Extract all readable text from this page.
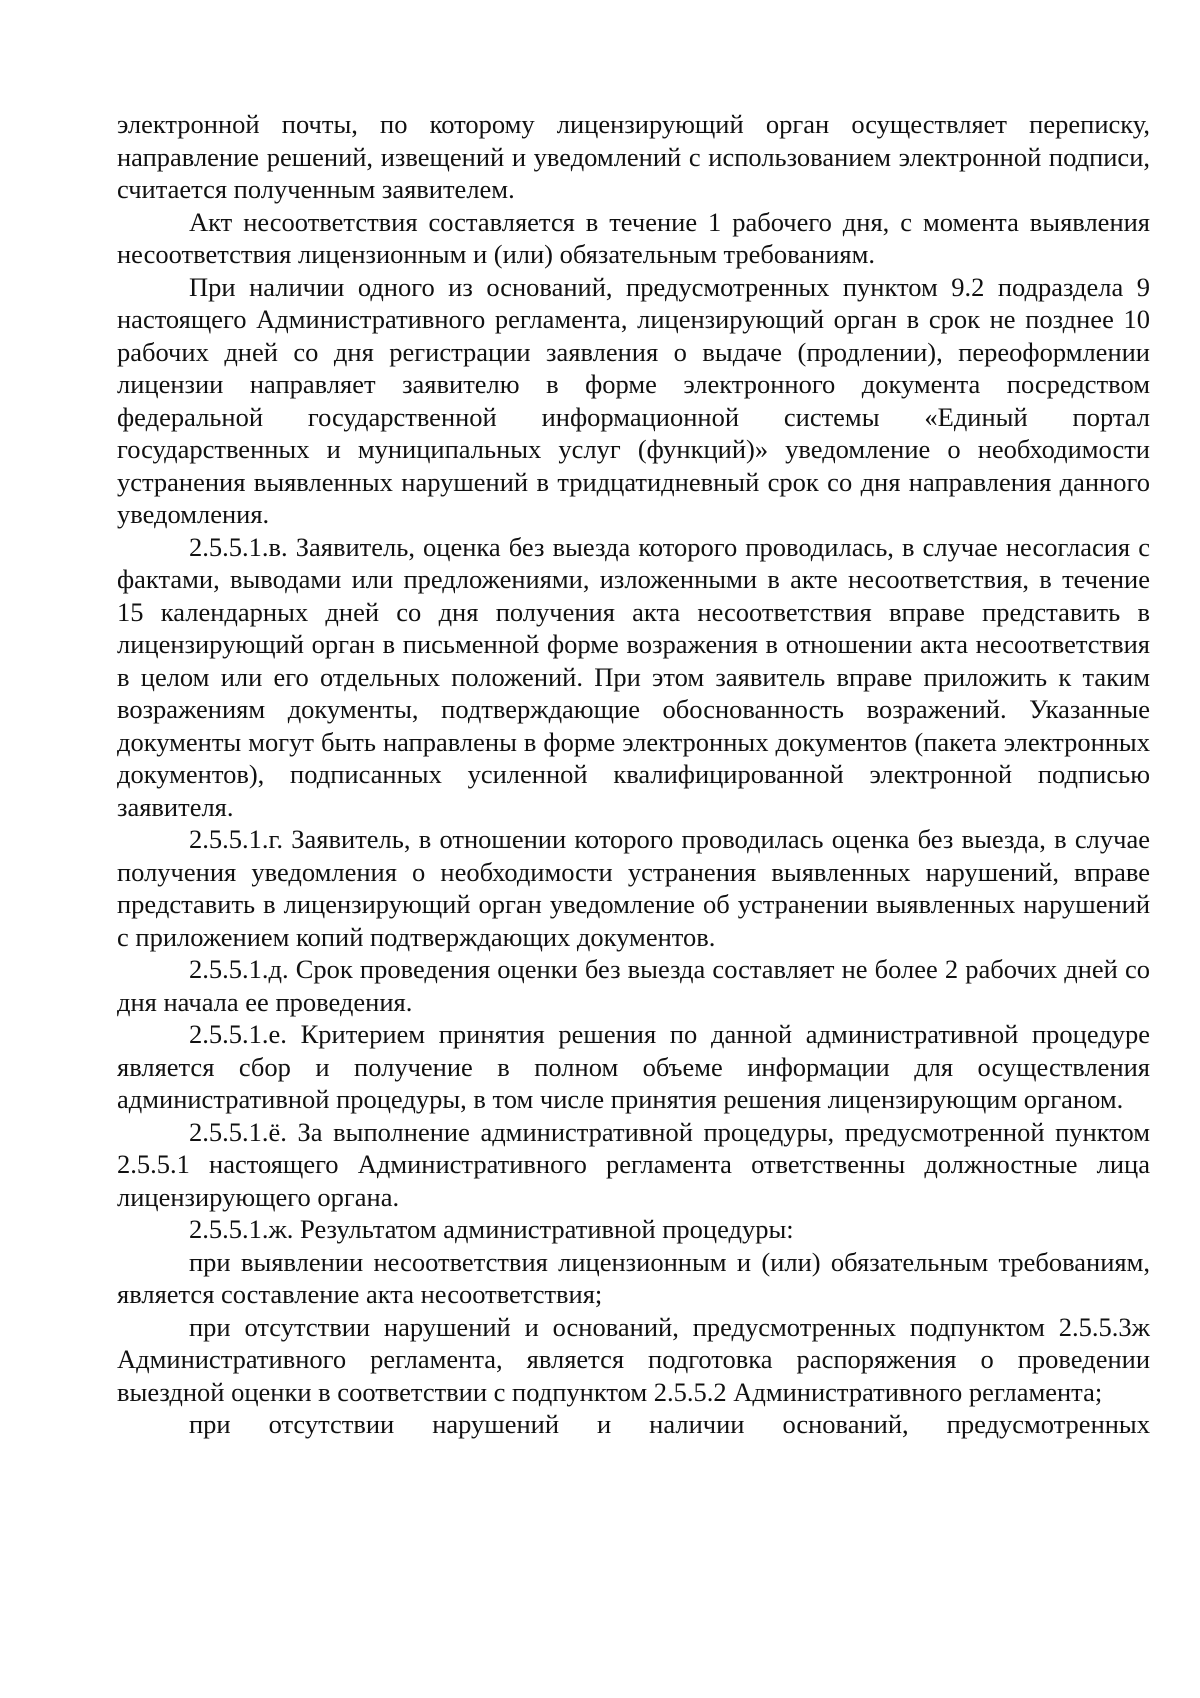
электронной почты, по которому лицензирующий орган осуществляет переписку, направление решений, извещений и уведомлений с использованием электронной подписи, считается полученным заявителем.

Акт несоответствия составляется в течение 1 рабочего дня, с момента выявления несоответствия лицензионным и (или) обязательным требованиям.

При наличии одного из оснований, предусмотренных пунктом 9.2 подраздела 9 настоящего Административного регламента, лицензирующий орган в срок не позднее 10 рабочих дней со дня регистрации заявления о выдаче (продлении), переоформлении лицензии направляет заявителю в форме электронного документа посредством федеральной государственной информационной системы «Единый портал государственных и муниципальных услуг (функций)» уведомление о необходимости устранения выявленных нарушений в тридцатидневный срок со дня направления данного уведомления.

2.5.5.1.в. Заявитель, оценка без выезда которого проводилась, в случае несогласия с фактами, выводами или предложениями, изложенными в акте несоответствия, в течение 15 календарных дней со дня получения акта несоответствия вправе представить в лицензирующий орган в письменной форме возражения в отношении акта несоответствия в целом или его отдельных положений. При этом заявитель вправе приложить к таким возражениям документы, подтверждающие обоснованность возражений. Указанные документы могут быть направлены в форме электронных документов (пакета электронных документов), подписанных усиленной квалифицированной электронной подписью заявителя.

2.5.5.1.г. Заявитель, в отношении которого проводилась оценка без выезда, в случае получения уведомления о необходимости устранения выявленных нарушений, вправе представить в лицензирующий орган уведомление об устранении выявленных нарушений с приложением копий подтверждающих документов.

2.5.5.1.д. Срок проведения оценки без выезда составляет не более 2 рабочих дней со дня начала ее проведения.

2.5.5.1.е. Критерием принятия решения по данной административной процедуре является сбор и получение в полном объеме информации для осуществления административной процедуры, в том числе принятия решения лицензирующим органом.

2.5.5.1.ё. За выполнение административной процедуры, предусмотренной пунктом 2.5.5.1 настоящего Административного регламента ответственны должностные лица лицензирующего органа.

2.5.5.1.ж. Результатом административной процедуры:

при выявлении несоответствия лицензионным и (или) обязательным требованиям, является составление акта несоответствия;

при отсутствии нарушений и оснований, предусмотренных подпунктом 2.5.5.3ж Административного регламента, является подготовка распоряжения о проведении выездной оценки в соответствии с подпунктом 2.5.5.2 Административного регламента;

при отсутствии нарушений и наличии оснований, предусмотренных
